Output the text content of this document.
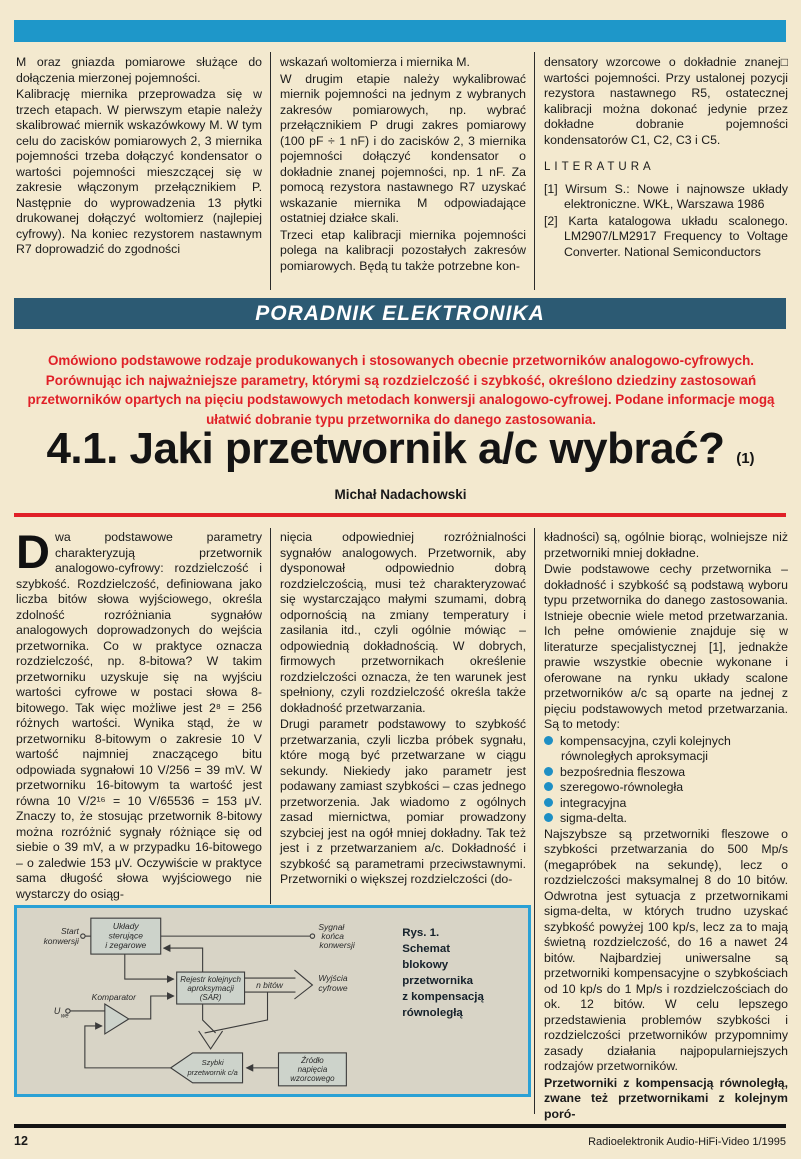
M oraz gniazda pomiarowe służące do dołączenia mierzonej pojemności.

Kalibrację miernika przeprowadza się w trzech etapach. W pierwszym etapie należy skalibrować miernik wskazówkowy M. W tym celu do zacisków pomiarowych 2, 3 miernika pojemności trzeba dołączyć kondensator o wartości pojemności mieszczącej się w zakresie włączonym przełącznikiem P. Następnie do wyprowadzenia 13 płytki drukowanej dołączyć woltomierz (najlepiej cyfrowy). Na koniec rezystorem nastawnym R7 doprowadzić do zgodności

wskazań woltomierza i miernika M.

W drugim etapie należy wykalibrować miernik pojemności na jednym z wybranych zakresów pomiarowych, np. wybrać przełącznikiem P drugi zakres pomiarowy (100 pF ÷ 1 nF) i do zacisków 2, 3 miernika pojemności dołączyć kondensator o dokładnie znanej pojemności, np. 1 nF. Za pomocą rezystora nastawnego R7 uzyskać wskazanie miernika M odpowiadające ostatniej działce skali.

Trzeci etap kalibracji miernika pojemności polega na kalibracji pozostałych zakresów pomiarowych. Będą tu także potrzebne kon-

□
densatory wzorcowe o dokładnie znanej wartości pojemności. Przy ustalonej pozycji rezystora nastawnego R5, ostatecznej kalibracji można dokonać jedynie przez dokładne dobranie pojemności kondensatorów C1, C2, C3 i C5.

LITERATURA

[1] Wirsum S.: Nowe i najnowsze układy elektroniczne. WKŁ, Warszawa 1986

[2] Karta katalogowa układu scalonego. LM2907/LM2917 Frequency to Voltage Converter. National Semiconductors

PORADNIK ELEKTRONIKA
Omówiono podstawowe rodzaje produkowanych i stosowanych obecnie przetworników analogowo-cyfrowych. Porównując ich najważniejsze parametry, którymi są rozdzielczość i szybkość, określono dziedziny zastosowań przetworników opartych na pięciu podstawowych metodach konwersji analogowo-cyfrowej. Podane informacje mogą ułatwić dobranie typu przetwornika do danego zastosowania.
4.1. Jaki przetwornik a/c wybrać? (1)
Michał Nadachowski

Dwa podstawowe parametry charakteryzują przetwornik analogowo-cyfrowy: rozdzielczość i szybkość. Rozdzielczość, definiowana jako liczba bitów słowa wyjściowego, określa zdolność rozróżniania sygnałów analogowych doprowadzonych do wejścia przetwornika. Co w praktyce oznacza rozdzielczość, np. 8-bitowa? W takim przetworniku uzyskuje się na wyjściu wartości cyfrowe w postaci słowa 8-bitowego. Tak więc możliwe jest 2⁸ = 256 różnych wartości. Wynika stąd, że w przetworniku 8-bitowym o zakresie 10 V wartość najmniej znaczącego bitu odpowiada sygnałowi 10 V/256 = 39 mV. W przetworniku 16-bitowym ta wartość jest równa 10 V/2¹⁶ = 10 V/65536 = 153 μV. Znaczy to, że stosując przetwornik 8-bitowy można rozróżnić sygnały różniące się od siebie o 39 mV, a w przypadku 16-bitowego – o zaledwie 153 μV. Oczywiście w praktyce sama długość słowa wyjściowego nie wystarczy do osiąg-

nięcia odpowiedniej rozróżnialności sygnałów analogowych. Przetwornik, aby dysponował odpowiednio dobrą rozdzielczością, musi też charakteryzować się wystarczająco małymi szumami, dobrą odpornością na zmiany temperatury i zasilania itd., czyli ogólnie mówiąc – odpowiednią dokładnością. W dobrych, firmowych przetwornikach określenie rozdzielczości oznacza, że ten warunek jest spełniony, czyli rozdzielczość określa także dokładność przetwarzania.

Drugi parametr podstawowy to szybkość przetwarzania, czyli liczba próbek sygnału, które mogą być przetwarzane w ciągu sekundy. Niekiedy jako parametr jest podawany zamiast szybkości – czas jednego przetworzenia. Jak wiadomo z ogólnych zasad miernictwa, pomiar prowadzony szybciej jest na ogół mniej dokładny. Tak też jest i z przetwarzaniem a/c. Dokładność i szybkość są parametrami przeciwstawnymi. Przetworniki o większej rozdzielczości (do-

kładności) są, ogólnie biorąc, wolniejsze niż przetworniki mniej dokładne.

Dwie podstawowe cechy przetwornika – dokładność i szybkość są podstawą wyboru typu przetwornika do danego zastosowania. Istnieje obecnie wiele metod przetwarzania. Ich pełne omówienie znajduje się w literaturze specjalistycznej [1], jednakże prawie wszystkie obecnie wykonane i oferowane na rynku układy scalone przetworników a/c są oparte na jednej z pięciu podstawowych metod przetwarzania. Są to metody:

kompensacyjna, czyli kolejnych równoległych aproksymacji
bezpośrednia fleszowa
szeregowo-równoległa
integracyjna
sigma-delta.

Najszybsze są przetworniki fleszowe o szybkości przetwarzania do 500 Mp/s (megapróbek na sekundę), lecz o rozdzielczości maksymalnej 8 do 10 bitów. Odwrotna jest sytuacja z przetwornikami sigma-delta, w których trudno uzyskać szybkość powyżej 100 kp/s, lecz za to mają świetną rozdzielczość, do 16 a nawet 24 bitów. Najbardziej uniwersalne są przetworniki kompensacyjne o szybkościach od 10 kp/s do 1 Mp/s i rozdzielczościach do ok. 12 bitów. W celu lepszego przedstawienia problemów szybkości i rozdzielczości przetworników przypomnimy zasady działania najpopularniejszych rodzajów przetworników.

Przetworniki z kompensacją równoległą, zwane też przetwornikami z kolejnym poró-

Start
konwersji
Układy
sterujące
i zegarowe
Sygnał
końca
konwersji
Rejestr kolejnych
aproksymacji
(SAR)
Komparator
U
we
n bitów
Wyjścia
cyfrowe
Szybki
przetwornik c/a
Źródło
napięcia
wzorcowego
Rys. 1.
Schemat
blokowy
przetwornika
z kompensacją
równoległą
12	Radioelektronik Audio-HiFi-Video 1/1995
